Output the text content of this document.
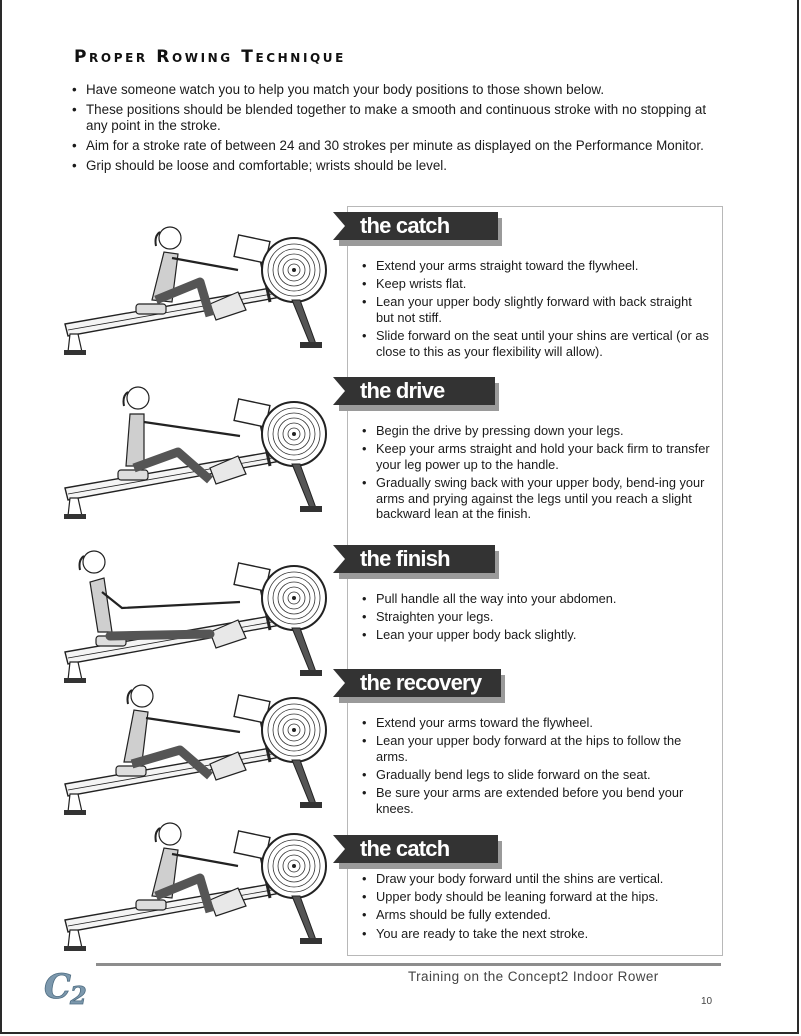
Proper Rowing Technique
• Have someone watch you to help you match your body positions to those shown below.
• These positions should be blended together to make a smooth and continuous stroke with no stopping at any point in the stroke.
• Aim for a stroke rate of between 24 and 30 strokes per minute as displayed on the Performance Monitor.
• Grip should be loose and comfortable; wrists should be level.
the catch
• Extend your arms straight toward the flywheel.
• Keep wrists flat.
• Lean your upper body slightly forward with back straight but not stiff.
• Slide forward on the seat until your shins are vertical (or as close to this as your flexibility will allow).
the drive
• Begin the drive by pressing down your legs.
• Keep your arms straight and hold your back firm to transfer your leg power up to the handle.
• Gradually swing back with your upper body, bend-ing your arms and prying against the legs until you reach a slight backward lean at the finish.
the finish
• Pull handle all the way into your abdomen.
• Straighten your legs.
• Lean your upper body back slightly.
the recovery
• Extend your arms toward the flywheel.
• Lean your upper body forward at the hips to follow the arms.
• Gradually bend legs to slide forward on the seat.
• Be sure your arms are extended before you bend your knees.
the catch
• Draw your body forward until the shins are vertical.
• Upper body should be leaning forward at the hips.
• Arms should be fully extended.
• You are ready to take the next stroke.
C
2
Training on the Concept2 Indoor Rower
10
